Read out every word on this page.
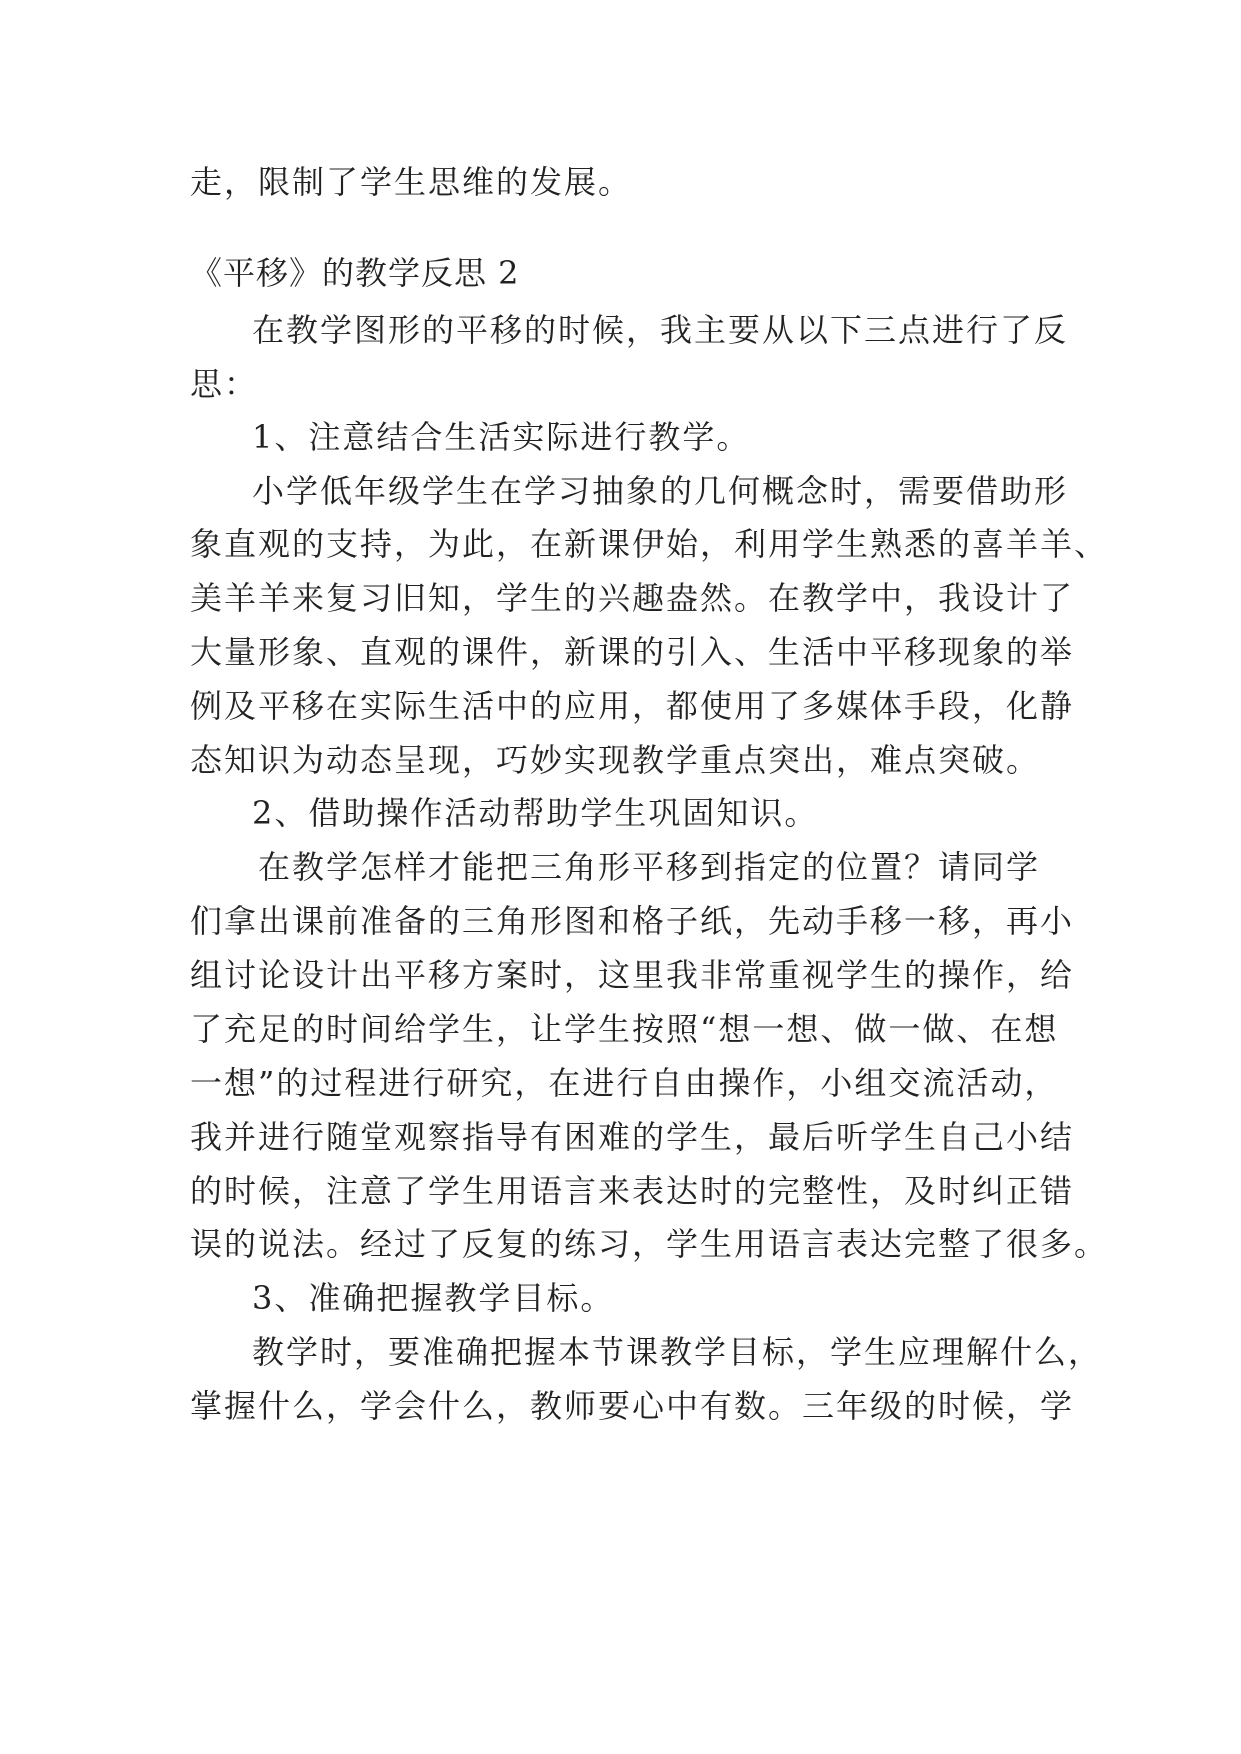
走，限制了学生思维的发展。
《平移》的教学反思 2
在教学图形的平移的时候，我主要从以下三点进行了反
思：
1、注意结合生活实际进行教学。
小学低年级学生在学习抽象的几何概念时，需要借助形
象直观的支持，为此，在新课伊始，利用学生熟悉的喜羊羊、
美羊羊来复习旧知，学生的兴趣盎然。在教学中，我设计了
大量形象、直观的课件，新课的引入、生活中平移现象的举
例及平移在实际生活中的应用，都使用了多媒体手段，化静
态知识为动态呈现，巧妙实现教学重点突出，难点突破。
2、借助操作活动帮助学生巩固知识。
在教学怎样才能把三角形平移到指定的位置？请同学
们拿出课前准备的三角形图和格子纸，先动手移一移，再小
组讨论设计出平移方案时，这里我非常重视学生的操作，给
了充足的时间给学生，让学生按照“想一想、做一做、在想
一想”的过程进行研究，在进行自由操作，小组交流活动，
我并进行随堂观察指导有困难的学生，最后听学生自己小结
的时候，注意了学生用语言来表达时的完整性，及时纠正错
误的说法。经过了反复的练习，学生用语言表达完整了很多。
3、准确把握教学目标。
教学时，要准确把握本节课教学目标，学生应理解什么，
掌握什么，学会什么，教师要心中有数。三年级的时候，学
